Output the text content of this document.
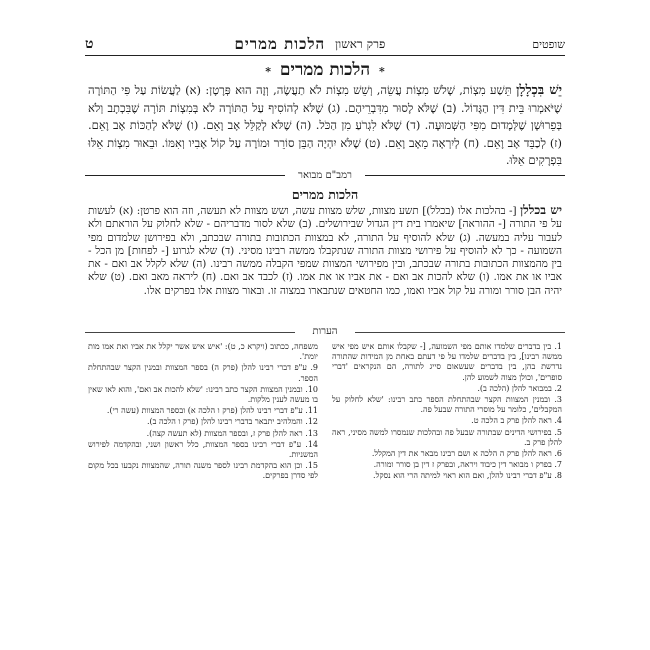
שופטים
פרק ראשון
הלכות ממרים
ט
* הלכות ממרים *
יֵשׁ בִּכְלָלָן תֵּשַׁע מִצְוֹת, שָׁלֹשׁ מִצְוֹת עֲשֵׂה, וְשֵׁשׁ מִצְוֹת לֹא תַעֲשֶׂה, וְזֶה הוּא פְּרָטָן: (א) לַעֲשׂוֹת עַל פִּי הַתּוֹרָה שֶׁיֹּאמְרוּ בֵּית דִּין הַגָּדוֹל. (ב) שֶׁלֹּא לָסוּר מִדִּבְרֵיהֶם. (ג) שֶׁלֹּא לְהוֹסִיף עַל הַתּוֹרָה לֹא בְּמִצְוֹת תּוֹרָה שֶׁבִּכְתָב וְלֹא בְּפֵרוּשָׁן שֶׁלְּמָדוּם מִפִּי הַשְּׁמוּעָה. (ד) שֶׁלֹּא לִגְרֹעַ מִן הַכֹּל. (ה) שֶׁלֹּא לְקַלֵּל אָב וָאֵם. (ו) שֶׁלֹּא לְהַכּוֹת אָב וָאֵם. (ז) לְכַבֵּד אָב וָאֵם. (ח) לְיִרְאָה מֵאָב וָאֵם. (ט) שֶׁלֹּא יִהְיֶה הַבֵּן סוֹרֵר וּמוֹרֶה עַל קוֹל אָבִיו וְאִמּוֹ. וּבֵאוּר מִצְוֹת אֵלּוּ בִּפְרָקִים אֵלּוּ.
רמב"ם מבואר
הלכות ממרים
יש בכללן [- בהלכות אלו (בכלל)] תשע מצוות, שלש מצוות עשה, ושש מצוות לא תעשה, וזה הוא פרטן: (א) לעשות על פי התורה [- ההוראה] שיאמרו בית דין הגדול שבירושלים. (ב) שלא לסור מדבריהם - שלא לחלוק על הוראתם ולא לעבור עליה במעשה. (ג) שלא להוסיף על התורה, לא במצוות הכתובות בתורה שבכתב, ולא בפירושן שלמדום מפי השמועה - כך לא להוסיף על פירושי מצוות התורה שנתקבלו ממשה רבינו מסיני. (ד) שלא לגרוע [- לפחות] מן הכל - בין מהמצוות הכתובות בתורה שבכתב, ובין מפירושי המצוות שמפי הקבלה ממשה רבינו. (ה) שלא לקלל אב ואם - את אביו או את אמו. (ו) שלא להכות אב ואם - את אביו או את אמו. (ז) לכבד אב ואם. (ח) ליראה מאב ואם. (ט) שלא יהיה הבן סורר ומורה על קול אביו ואמו, כמו החטאים שנתבארו במצוה זו. ובאור מצוות אלו בפרקים אלו.
הערות

1. בין בדברים שלמדו אותם מפי השמועה, [- שקבלו אותם איש מפי איש ממשה רבינו], בין בדברים שלמדו על פי דעתם באחת מן המידות שהתורה נדרשת בהן, בין בדברים שעשאום סייג לתורה, הם הנקראים 'דברי סופרים', וכולן מצוה לשמוע להן.

2. במבואר להלן (הלכה ב).

3. ובמנין המצוות הקצר שבהתחלת הספר כתב רבינו: 'שלא לחלוק על המקבלים', כלומר על מוסרי התורה שבעל פה.

4. ראה להלן פרק ב הלכה ט.

5. בפירושי הדינים שבתורה שבעל פה ובהלכות שנמסרו למשה מסיני, ראה להלן פרק ב.

6. ראה להלן פרק ה הלכה א ושם רבינו מבאר את דין המקלל.

7. בפרק ו מבואר דין כיבוד ויראה, ובפרק ז דין בן סורר ומורה.

8. ע"פ דברי רבינו להלן, ואם הוא ראוי למיתה הרי הוא נסקל.

משפחה, ככתוב (ויקרא כ, ט): 'איש איש אשר יקלל את אביו ואת אמו מות יומת'.

9. ע"פ דברי רבינו להלן (פרק ה) בספר המצוות ובמנין הקצר שבהתחלת הספר.

10. ובמנין המצוות הקצר כתב רבינו: 'שלא להכות אב ואם', והוא לאו שאין בו מעשה לענין מלקות.

11. ע"פ דברי רבינו להלן (פרק ו הלכה א) ובספר המצוות (עשה רי).

12. והמלהיב יתבאר בדברי רבינו להלן (פרק ו הלכה ב).

13. ראה להלן פרק ז, ובספר המצוות (לא תעשה קצה).

14. ע"פ דברי רבינו בספר המצוות, כלל ראשון ושני, ובהקדמה לפירוש המשניות.

15. וכן הוא בהקדמת רבינו לספר משנה תורה, שהמצוות נקבעו בכל מקום לפי סדרן בפרקים.
